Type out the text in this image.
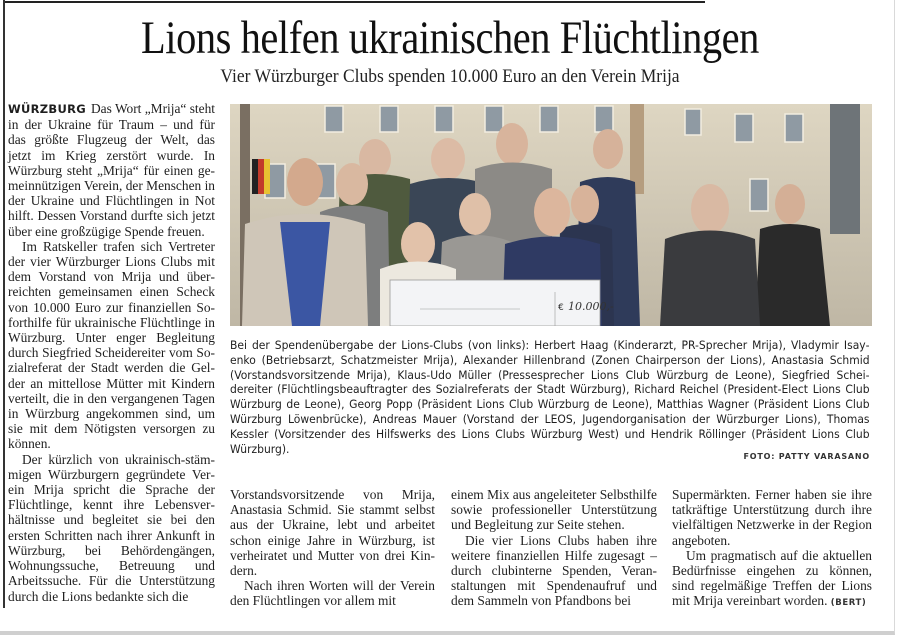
Lions helfen ukrainischen Flüchtlingen
Vier Würzburger Clubs spenden 10.000 Euro an den Verein Mrija

WÜRZBURG Das Wort „Mrija“ steht in der Ukraine für Traum – und für das größte Flugzeug der Welt, das jetzt im Krieg zerstört wurde. In Würzburg steht „Mrija“ für einen gemeinnützigen Verein, der Menschen in der Ukraine und Flüchtlingen in Not hilft. Dessen Vorstand durfte sich jetzt über eine großzügige Spende freuen.

Im Ratskeller trafen sich Vertreter der vier Würzburger Lions Clubs mit dem Vorstand von Mrija und überreichten gemeinsamen einen Scheck von 10.000 Euro zur finanziellen Soforthilfe für ukrainische Flüchtlinge in Würzburg. Unter enger Begleitung durch Siegfried Scheidereiter vom Sozialreferat der Stadt werden die Gelder an mittellose Mütter mit Kindern verteilt, die in den vergangenen Tagen in Würzburg angekommen sind, um sie mit dem Nötigsten versorgen zu können.

Der kürzlich von ukrainisch-stämmigen Würzburgern gegründete Verein Mrija spricht die Sprache der Flüchtlinge, kennt ihre Lebensverhältnisse und begleitet sie bei den ersten Schritten nach ihrer Ankunft in Würzburg, bei Behördengängen, Wohnungssuche, Betreuung und Arbeitssuche. Für die Unterstützung durch die Lions bedankte sich die

€ 10.000,-
Bei der Spendenübergabe der Lions-Clubs (von links): Herbert Haag (Kinderarzt, PR-Sprecher Mrija), Vladymir Isayenko (Betriebsarzt, Schatzmeister Mrija), Alexander Hillenbrand (Zonen Chairperson der Lions), Anastasia Schmid (Vorstandsvorsitzende Mrija), Klaus-Udo Müller (Pressesprecher Lions Club Würzburg de Leone), Siegfried Scheidereiter (Flüchtlingsbeauftragter des Sozialreferats der Stadt Würzburg), Richard Reichel (President-Elect Lions Club Würzburg de Leone), Georg Popp (Präsident Lions Club Würzburg de Leone), Matthias Wagner (Präsident Lions Club Würzburg Löwenbrücke), Andreas Mauer (Vorstand der LEOS, Jugendorganisation der Würzburger Lions), Thomas Kessler (Vorsitzender des Hilfswerks des Lions Clubs Würzburg West) und Hendrik Röllinger (Präsident Lions Club Würzburg).
FOTO: PATTY VARASANO

Vorstandsvorsitzende von Mrija, Anastasia Schmid. Sie stammt selbst aus der Ukraine, lebt und arbeitet schon einige Jahre in Würzburg, ist verheiratet und Mutter von drei Kindern.

Nach ihren Worten will der Verein den Flüchtlingen vor allem mit

einem Mix aus angeleiteter Selbsthilfe sowie professioneller Unterstützung und Begleitung zur Seite stehen.

Die vier Lions Clubs haben ihre weitere finanziellen Hilfe zugesagt – durch clubinterne Spenden, Veranstaltungen mit Spendenaufruf und dem Sammeln von Pfandbons bei

Supermärkten. Ferner haben sie ihre tatkräftige Unterstützung durch ihre vielfältigen Netzwerke in der Region angeboten.

Um pragmatisch auf die aktuellen Bedürfnisse eingehen zu können, sind regelmäßige Treffen der Lions mit Mrija vereinbart worden. (BERT)
